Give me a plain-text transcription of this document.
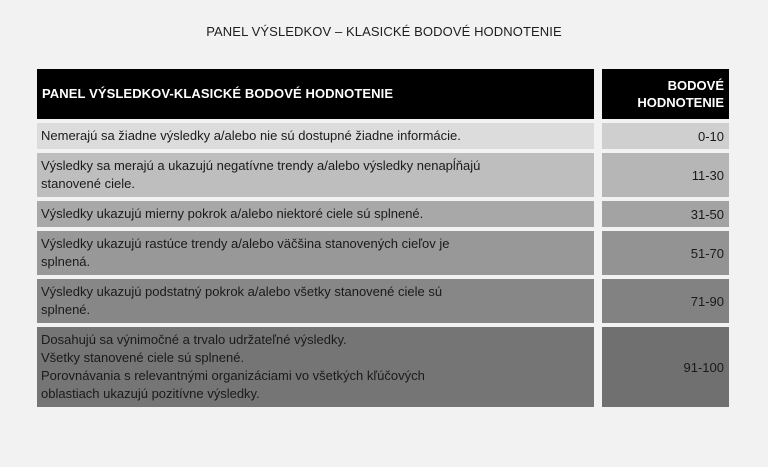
PANEL VÝSLEDKOV – KLASICKÉ BODOVÉ HODNOTENIE
PANEL VÝSLEDKOV-KLASICKÉ BODOVÉ HODNOTENIE
BODOVÉ
HODNOTENIE
Nemerajú sa žiadne výsledky a/alebo nie sú dostupné žiadne informácie.	0-10
Výsledky sa merajú a ukazujú negatívne trendy a/alebo výsledky nenapĺňajú
stanovené ciele.
11-30
Výsledky ukazujú mierny pokrok a/alebo niektoré ciele sú splnené.	31-50
Výsledky ukazujú rastúce trendy a/alebo väčšina stanovených cieľov je
splnená.
51-70
Výsledky ukazujú podstatný pokrok a/alebo všetky stanovené ciele sú
splnené.
71-90
Dosahujú sa výnimočné a trvalo udržateľné výsledky.
Všetky stanovené ciele sú splnené.
Porovnávania s relevantnými organizáciami vo všetkých kľúčových
oblastiach ukazujú pozitívne výsledky.
91-100
